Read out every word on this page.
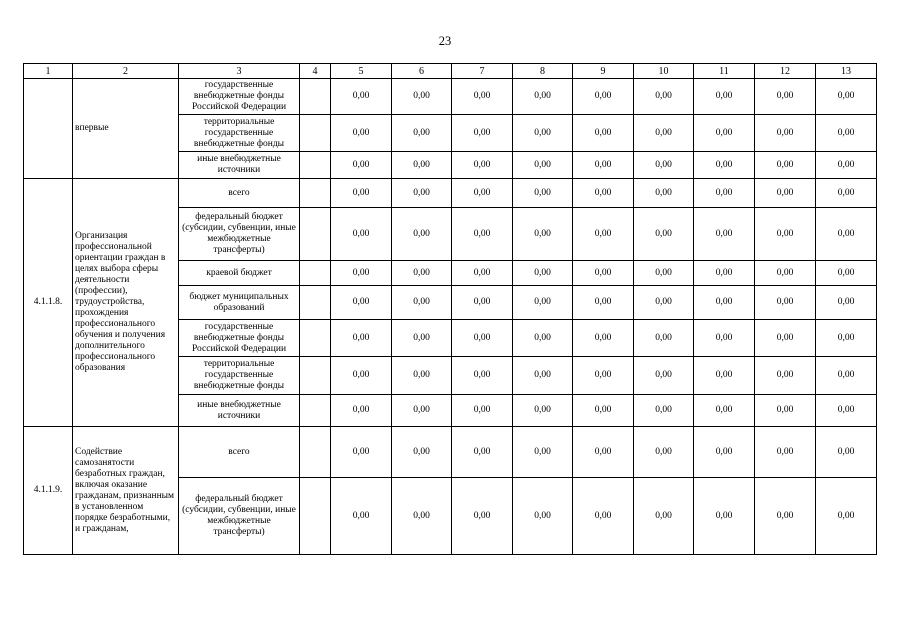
23
1	2	3	4	5	6	7	8	9	10	11	12	13
	впервые	государственные внебюджетные фонды Российской Федерации		0,00	0,00	0,00	0,00	0,00	0,00	0,00	0,00	0,00
		территориальные государственные внебюджетные фонды		0,00	0,00	0,00	0,00	0,00	0,00	0,00	0,00	0,00
		иные внебюджетные источники		0,00	0,00	0,00	0,00	0,00	0,00	0,00	0,00	0,00
4.1.1.8.	Организация профессиональной ориентации граждан в целях выбора сферы деятельности (профессии), трудоустройства, прохождения профессионального обучения и получения дополнительного профессионального образования	всего		0,00	0,00	0,00	0,00	0,00	0,00	0,00	0,00	0,00
		федеральный бюджет (субсидии, субвенции, иные межбюджетные трансферты)		0,00	0,00	0,00	0,00	0,00	0,00	0,00	0,00	0,00
		краевой бюджет		0,00	0,00	0,00	0,00	0,00	0,00	0,00	0,00	0,00
		бюджет муниципальных образований		0,00	0,00	0,00	0,00	0,00	0,00	0,00	0,00	0,00
		государственные внебюджетные фонды Российской Федерации		0,00	0,00	0,00	0,00	0,00	0,00	0,00	0,00	0,00
		территориальные государственные внебюджетные фонды		0,00	0,00	0,00	0,00	0,00	0,00	0,00	0,00	0,00
		иные внебюджетные источники		0,00	0,00	0,00	0,00	0,00	0,00	0,00	0,00	0,00
4.1.1.9.	Содействие самозанятости безработных граждан, включая оказание гражданам, признанным в установленном порядке безработными, и гражданам,	всего		0,00	0,00	0,00	0,00	0,00	0,00	0,00	0,00	0,00
		федеральный бюджет (субсидии, субвенции, иные межбюджетные трансферты)		0,00	0,00	0,00	0,00	0,00	0,00	0,00	0,00	0,00
